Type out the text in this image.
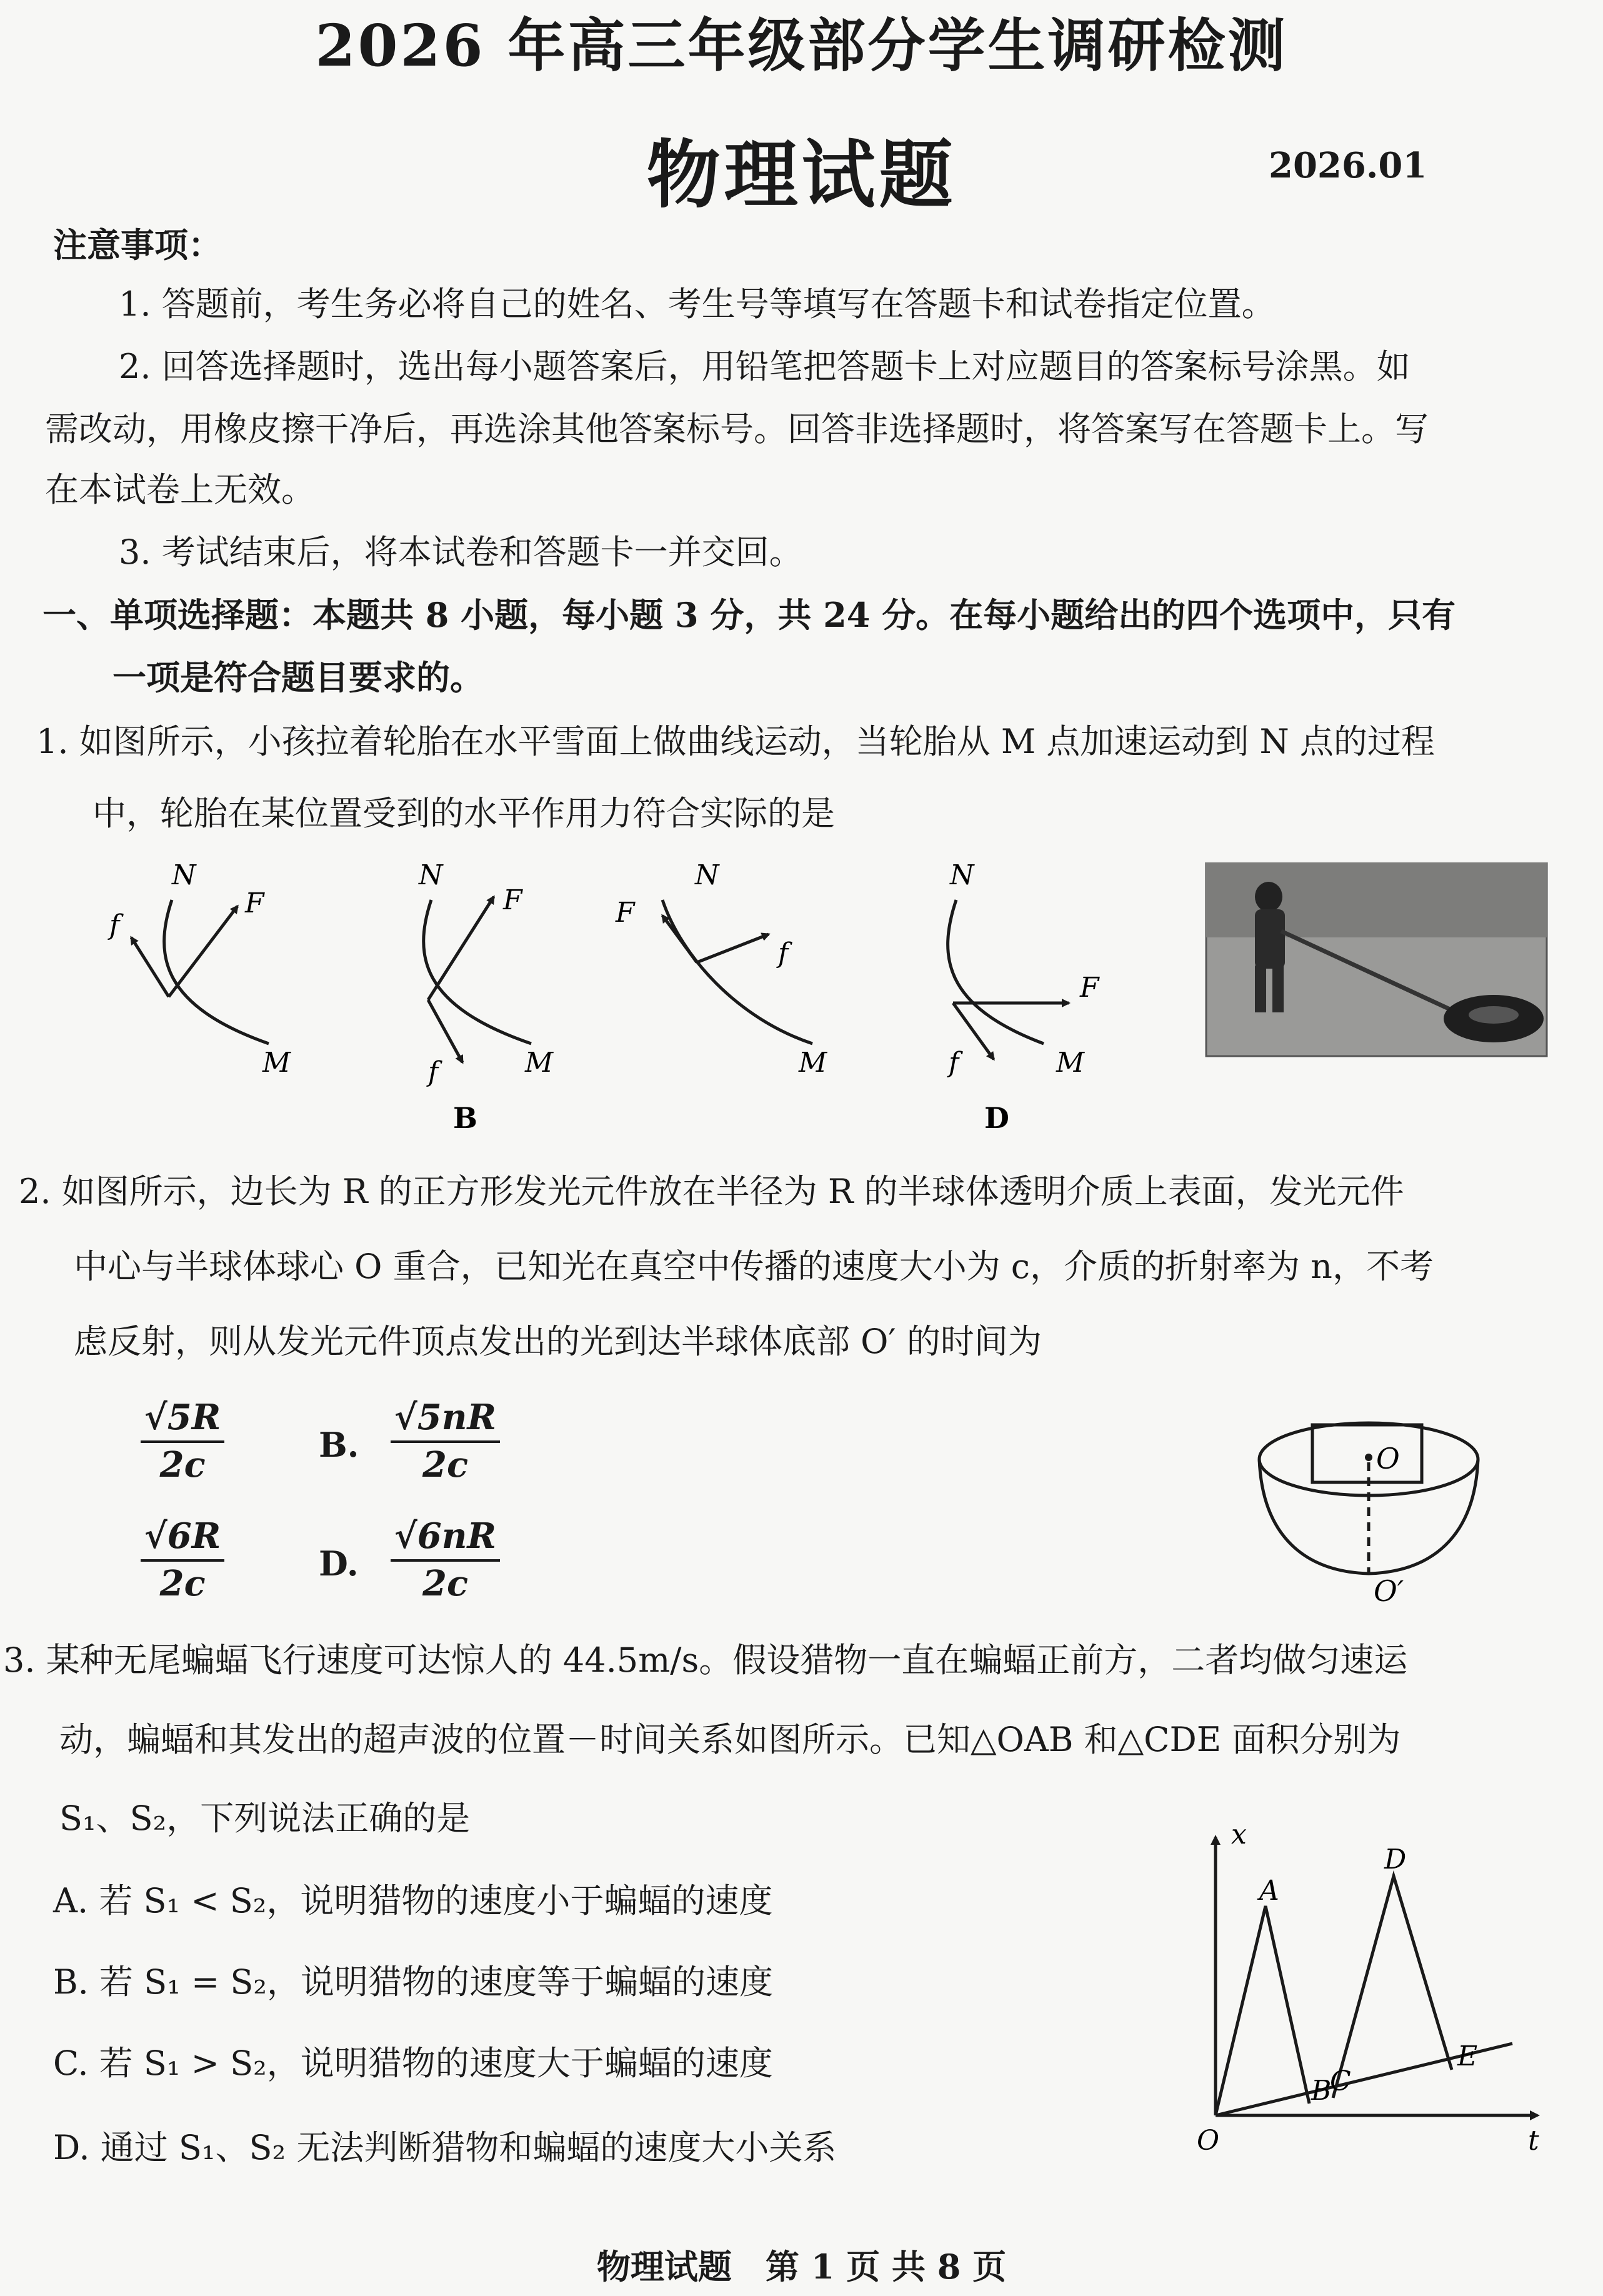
2026 年高三年级部分学生调研检测
物理试题	2026.01
注意事项：
1. 答题前，考生务必将自己的姓名、考生号等填写在答题卡和试卷指定位置。
2. 回答选择题时，选出每小题答案后，用铅笔把答题卡上对应题目的答案标号涂黑。如
需改动，用橡皮擦干净后，再选涂其他答案标号。回答非选择题时，将答案写在答题卡上。写
在本试卷上无效。
3. 考试结束后，将本试卷和答题卡一并交回。
一、单项选择题：本题共 8 小题，每小题 3 分，共 24 分。在每小题给出的四个选项中，只有
一项是符合题目要求的。
1. 如图所示，小孩拉着轮胎在水平雪面上做曲线运动，当轮胎从 M 点加速运动到 N 点的过程
中，轮胎在某位置受到的水平作用力符合实际的是
N
f
F
M
N
F
f	M
B
N
F
f
M
N
F
f	M
D
2. 如图所示，边长为 R 的正方形发光元件放在半径为 R 的半球体透明介质上表面，发光元件
中心与半球体球心 O 重合，已知光在真空中传播的速度大小为 c，介质的折射率为 n，不考
虑反射，则从发光元件顶点发出的光到达半球体底部 O′ 的时间为
$\frac{√5R}{2c}$	B. $\frac{√5nR}{2c}$
$\frac{√6R}{2c}$	D. $\frac{√6nR}{2c}$
O
O′
3. 某种无尾蝙蝠飞行速度可达惊人的 44.5m/s。假设猎物一直在蝙蝠正前方，二者均做匀速运
动，蝙蝠和其发出的超声波的位置－时间关系如图所示。已知△OAB 和△CDE 面积分别为
S₁、S₂，下列说法正确的是
A. 若 S₁ < S₂，说明猎物的速度小于蝙蝠的速度
B. 若 S₁ = S₂，说明猎物的速度等于蝙蝠的速度
C. 若 S₁ > S₂，说明猎物的速度大于蝙蝠的速度
D. 通过 S₁、S₂ 无法判断猎物和蝙蝠的速度大小关系
x
t
O
A
B
C
D
E
物理试题　第 1 页 共 8 页
